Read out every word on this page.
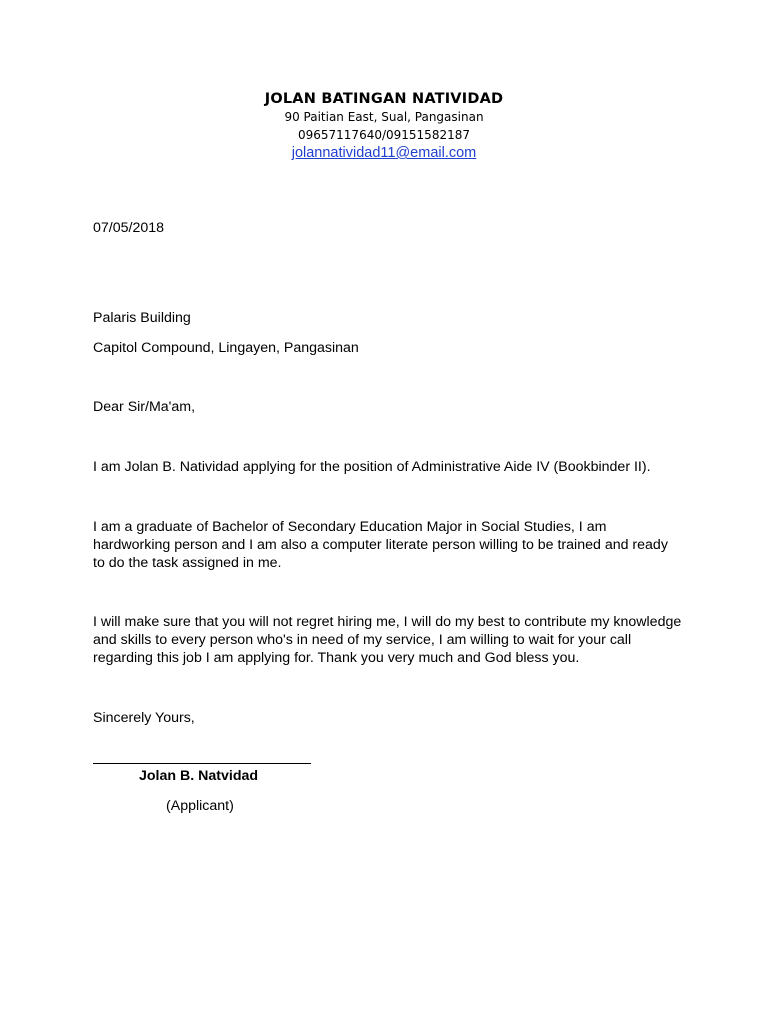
JOLAN BATINGAN NATIVIDAD
90 Paitian East, Sual, Pangasinan
09657117640/09151582187
jolannatividad11@email.com
07/05/2018
Palaris Building
Capitol Compound, Lingayen, Pangasinan
Dear Sir/Ma'am,
I am Jolan B. Natividad applying for the position of Administrative Aide IV (Bookbinder II).
I am a graduate of Bachelor of Secondary Education Major in Social Studies, I am hardworking person and I am also a computer literate person willing to be trained and ready to do the task assigned in me.
I will make sure that you will not regret hiring me, I will do my best to contribute my knowledge and skills to every person who's in need of my service, I am willing to wait for your call regarding this job I am applying for. Thank you very much and God bless you.
Sincerely Yours,
Jolan B. Natvidad
(Applicant)
